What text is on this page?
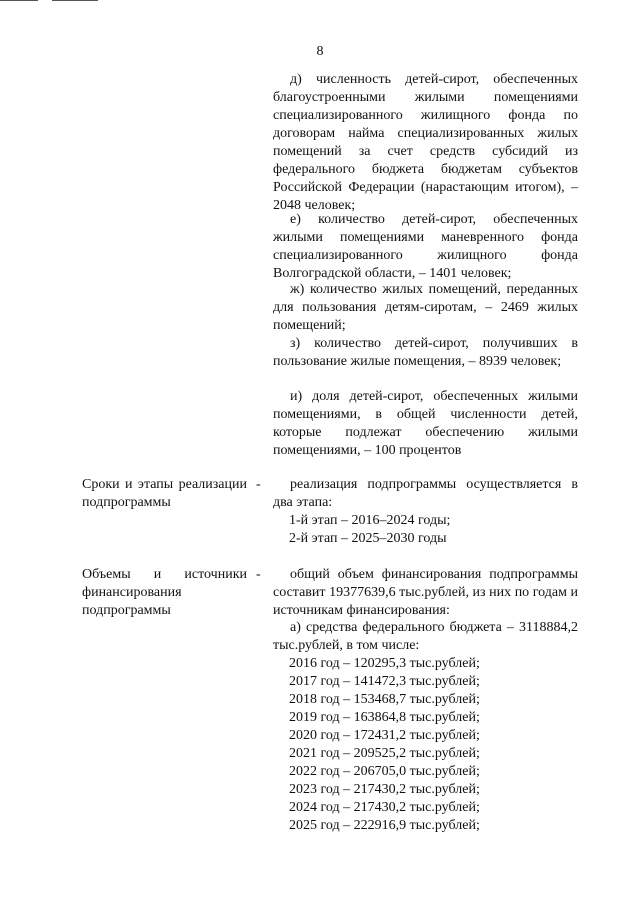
8

д) численность детей-сирот, обеспеченных благоустроенными жилыми помещениями специализированного жилищного фонда по договорам найма специализированных жилых помещений за счет средств субсидий из федерального бюджета бюджетам субъектов Российской Федерации (нарастающим итогом), – 2048 человек;

е) количество детей-сирот, обеспеченных жилыми помещениями маневренного фонда специализированного жилищного фонда Волгоградской области, – 1401 человек;

ж) количество жилых помещений, переданных для пользования детям-сиротам, – 2469 жилых помещений;

з) количество детей-сирот, получивших в пользование жилые помещения, – 8939 человек;

и) доля детей-сирот, обеспеченных жилыми помещениями, в общей численности детей, которые подлежат обеспечению жилыми помещениями, – 100 процентов

Сроки и этапы реализации подпрограммы

-	реализация подпрограммы осуществляется в два этапа:

1-й этап – 2016–2024 годы;
2-й этап – 2025–2030 годы

Объемы и источники финансирования подпрограммы

-	общий объем финансирования подпрограммы составит 19377639,6 тыс.рублей, из них по годам и источникам финансирования:

а) средства федерального бюджета – 3118884,2 тыс.рублей, в том числе:

2016 год – 120295,3 тыс.рублей;
2017 год – 141472,3 тыс.рублей;
2018 год – 153468,7 тыс.рублей;
2019 год – 163864,8 тыс.рублей;
2020 год – 172431,2 тыс.рублей;
2021 год – 209525,2 тыс.рублей;
2022 год – 206705,0 тыс.рублей;
2023 год – 217430,2 тыс.рублей;
2024 год – 217430,2 тыс.рублей;
2025 год – 222916,9 тыс.рублей;
